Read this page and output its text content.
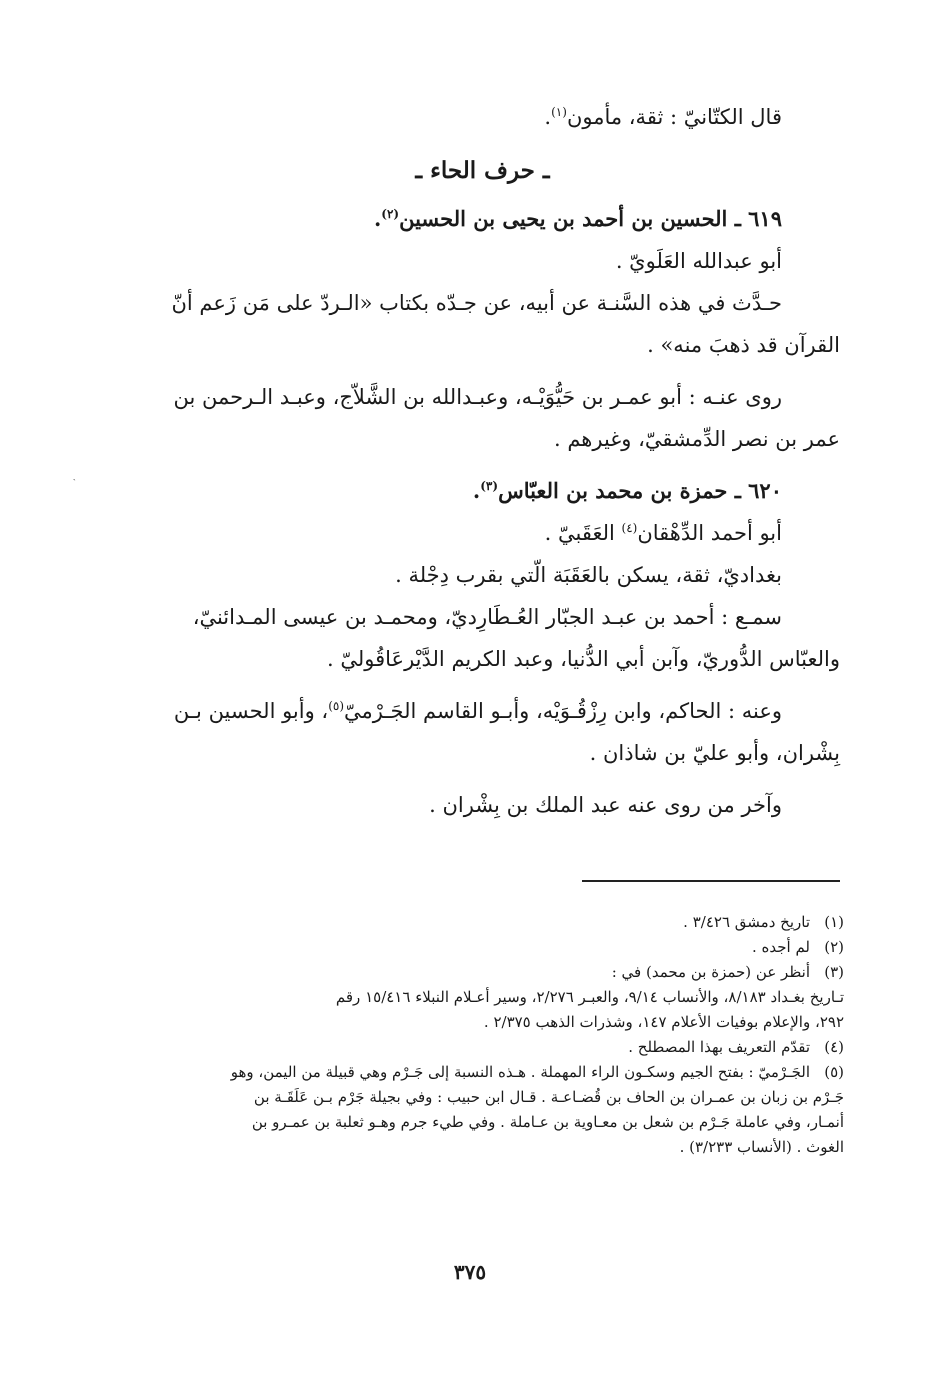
قال الكتّانيّ : ثقة، مأمون$^{(١)}$.
ـ حرف الحاء ـ
٦١٩ ـ الحسين بن أحمد بن يحيى بن الحسين$^{(٢)}$.
أبو عبدالله العَلَويّ .
حـدَّث في هذه السَّنـة عن أبيه، عن جـدّه بكتاب «الـردّ على مَن زَعم أنّ
القرآن قد ذهبَ منه» .
روى عنـه : أبو عمـر بن حَيُّوَيْـه، وعبـدالله بن الشَّلاّج، وعبـد الـرحمن بن
عمر بن نصر الدِّمشقيّ، وغيرهم .
٦٢٠ ـ حمزة بن محمد بن العبّاس$^{(٣)}$.
أبو أحمد الدِّهْقان$^{(٤)}$ العَقَبيّ .
بغداديّ، ثقة، يسكن بالعَقَبَة الّتي بقرب دِجْلة .
سمـع : أحمد بن عبـد الجبّار العُـطَارِديّ، ومحمـد بن عيسى المـدائنيّ،
والعبّاس الدُّوريّ، وآبن أبي الدُّنيا، وعبد الكريم الدَّيْرعَاقُوليّ .
وعنه : الحاكم، وابن رِزْقُـوَيْه، وأبـو القاسم الجَـرْميّ$^{(٥)}$، وأبو الحسين بـن
بِشْران، وأبو عليّ بن شاذان .
وآخر من روى عنه عبد الملك بن بِشْران .
(١)
تاريخ دمشق ٣/٤٢٦ .
(٢)
لم أجده .
(٣)
أنظر عن (حمزة بن محمد) في :
تـاريخ بغـداد ٨/١٨٣، والأنساب ٩/١٤، والعبـر ٢/٢٧٦، وسير أعـلام النبلاء ١٥/٤١٦ رقم
٢٩٢، والإعلام بوفيات الأعلام ١٤٧، وشذرات الذهب ٢/٣٧٥ .
(٤)
تقدّم التعريف بهذا المصطلح .
(٥)
الجَـرْميّ : بفتح الجيم وسكـون الراء المهملة . هـذه النسبة إلى جَـرْم وهي قبيلة من اليمن، وهو
جَـرْم بن زبان بن عمـران بن الحاف بن قُضـاعـة . قـال ابن حبيب : وفي بجيلة جَرْم بـن عَلَقَـة بن
أنمـار، وفي عاملة جَـرْم بن شعل بن معـاوية بن عـاملة . وفي طيء جرم وهـو ثعلبة بن عمـرو بن
الغوث . (الأنساب ٣/٢٣٣) .
٣٧٥
ˏ
